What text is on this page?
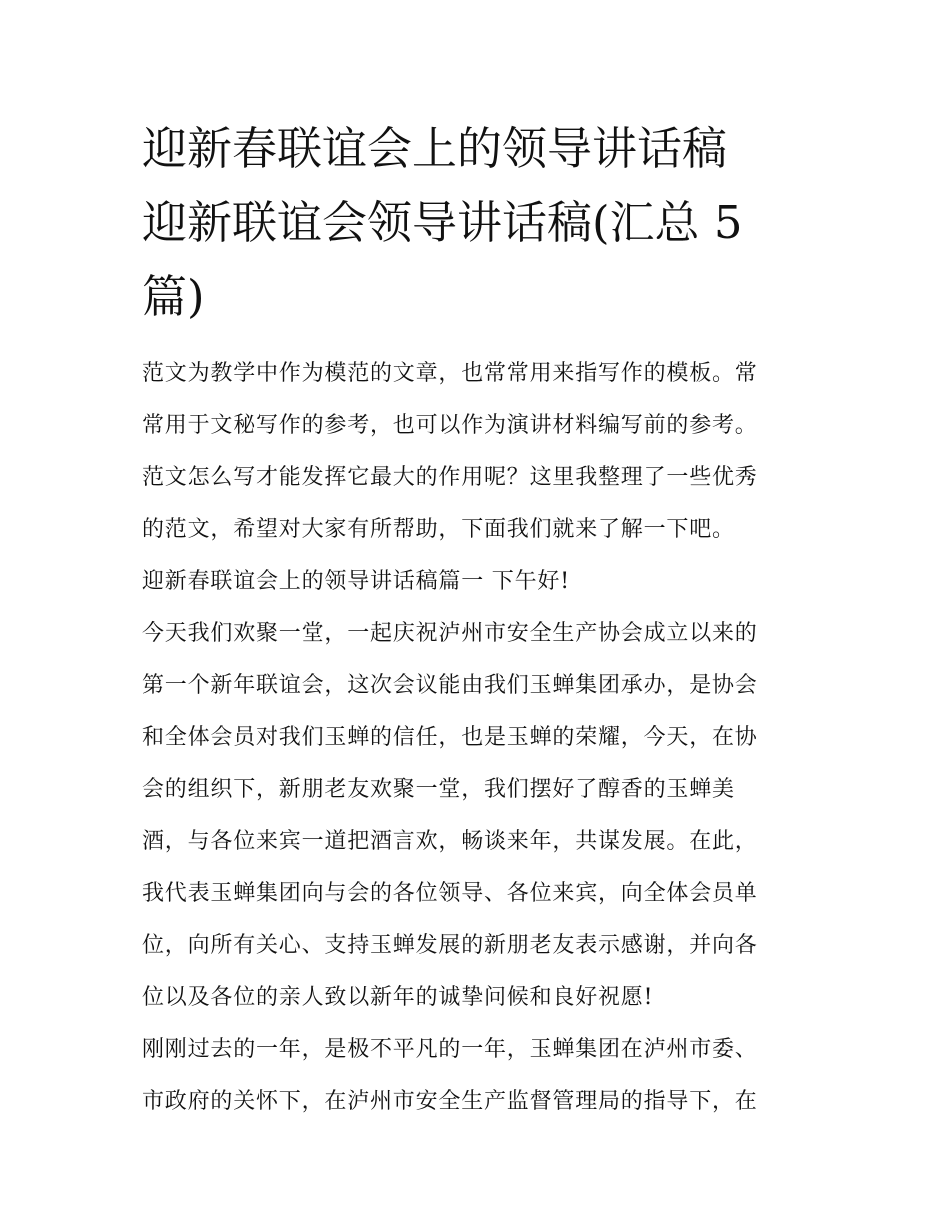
迎新春联谊会上的领导讲话稿
迎新联谊会领导讲话稿(汇总 5
篇)

范文为教学中作为模范的文章，也常常用来指写作的模板。常
常用于文秘写作的参考，也可以作为演讲材料编写前的参考。
范文怎么写才能发挥它最大的作用呢？这里我整理了一些优秀
的范文，希望对大家有所帮助，下面我们就来了解一下吧。

迎新春联谊会上的领导讲话稿篇一 下午好!

今天我们欢聚一堂，一起庆祝泸州市安全生产协会成立以来的
第一个新年联谊会，这次会议能由我们玉蝉集团承办，是协会
和全体会员对我们玉蝉的信任，也是玉蝉的荣耀，今天，在协
会的组织下，新朋老友欢聚一堂，我们摆好了醇香的玉蝉美
酒，与各位来宾一道把酒言欢，畅谈来年，共谋发展。在此，
我代表玉蝉集团向与会的各位领导、各位来宾，向全体会员单
位，向所有关心、支持玉蝉发展的新朋老友表示感谢，并向各
位以及各位的亲人致以新年的诚挚问候和良好祝愿!

刚刚过去的一年，是极不平凡的一年，玉蝉集团在泸州市委、
市政府的关怀下，在泸州市安全生产监督管理局的指导下，在
